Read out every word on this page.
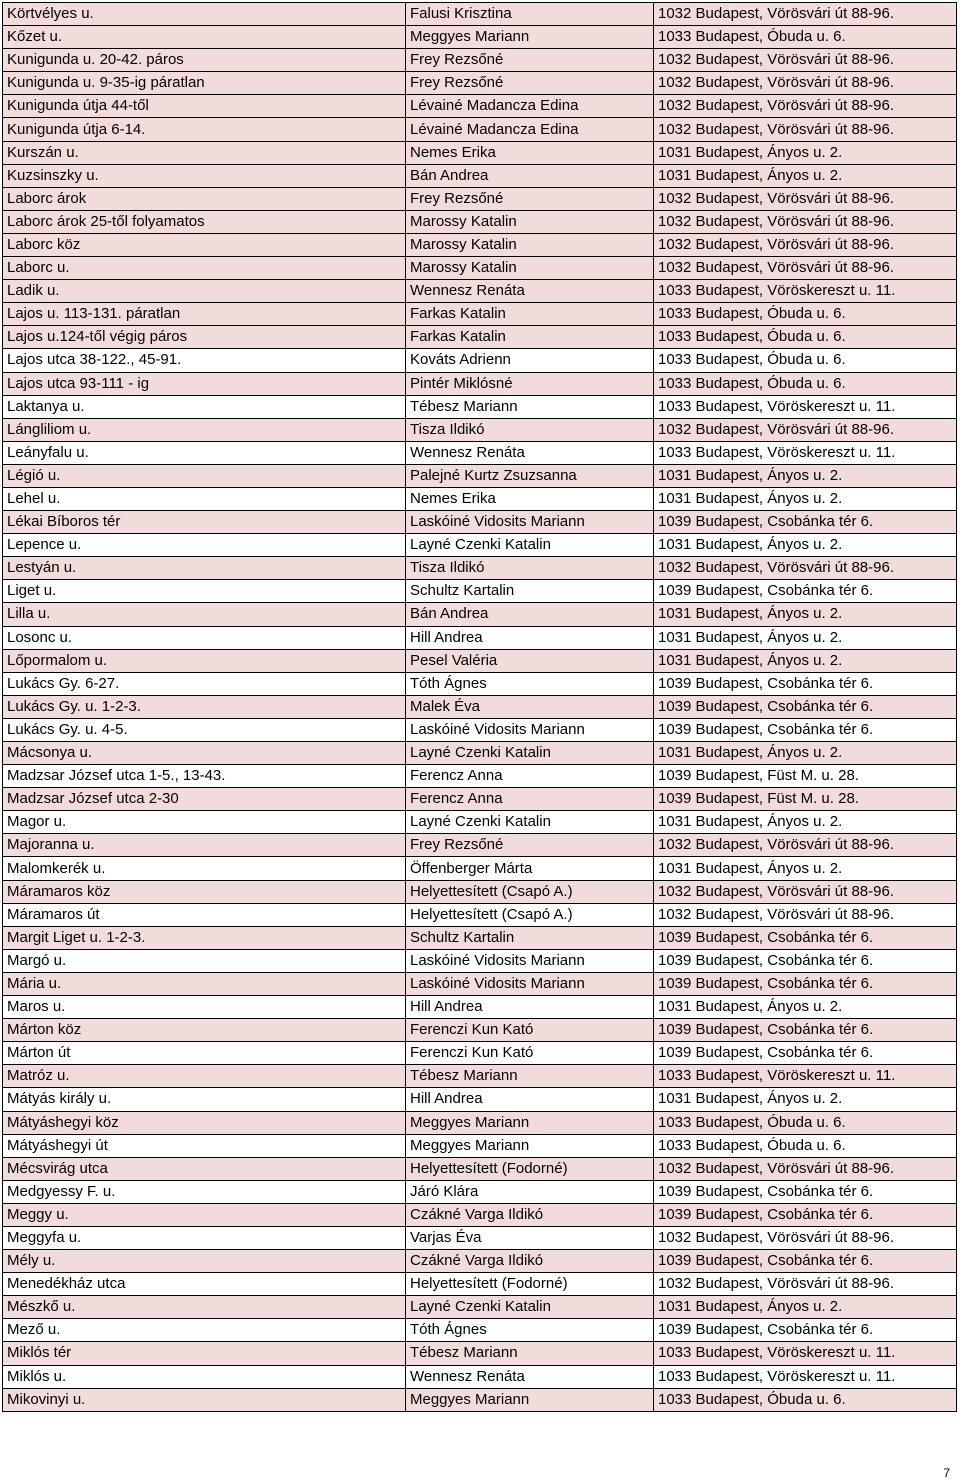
Körtvélyes u.	Falusi Krisztina	1032 Budapest, Vörösvári út 88-96.
Kőzet u.	Meggyes Mariann	1033 Budapest, Óbuda u. 6.
Kunigunda u. 20-42. páros	Frey Rezsőné	1032 Budapest, Vörösvári út 88-96.
Kunigunda u. 9-35-ig páratlan	Frey Rezsőné	1032 Budapest, Vörösvári út 88-96.
Kunigunda útja 44-től	Lévainé Madancza Edina	1032 Budapest, Vörösvári út 88-96.
Kunigunda útja 6-14.	Lévainé Madancza Edina	1032 Budapest, Vörösvári út 88-96.
Kurszán u.	Nemes Erika	1031 Budapest, Ányos u. 2.
Kuzsinszky u.	Bán Andrea	1031 Budapest, Ányos u. 2.
Laborc árok	Frey Rezsőné	1032 Budapest, Vörösvári út 88-96.
Laborc árok 25-től folyamatos	Marossy Katalin	1032 Budapest, Vörösvári út 88-96.
Laborc köz	Marossy Katalin	1032 Budapest, Vörösvári út 88-96.
Laborc u.	Marossy Katalin	1032 Budapest, Vörösvári út 88-96.
Ladik u.	Wennesz Renáta	1033 Budapest, Vöröskereszt u. 11.
Lajos u. 113-131. páratlan	Farkas Katalin	1033 Budapest, Óbuda u. 6.
Lajos u.124-től végig páros	Farkas Katalin	1033 Budapest, Óbuda u. 6.
Lajos utca 38-122., 45-91.	Kováts Adrienn	1033 Budapest, Óbuda u. 6.
Lajos utca 93-111 - ig	Pintér Miklósné	1033 Budapest, Óbuda u. 6.
Laktanya u.	Tébesz Mariann	1033 Budapest, Vöröskereszt u. 11.
Lángliliom u.	Tisza Ildikó	1032 Budapest, Vörösvári út 88-96.
Leányfalu u.	Wennesz Renáta	1033 Budapest, Vöröskereszt u. 11.
Légió u.	Palejné Kurtz Zsuzsanna	1031 Budapest, Ányos u. 2.
Lehel u.	Nemes Erika	1031 Budapest, Ányos u. 2.
Lékai Bíboros tér	Laskóiné Vidosits Mariann	1039 Budapest, Csobánka tér 6.
Lepence u.	Layné Czenki Katalin	1031 Budapest, Ányos u. 2.
Lestyán u.	Tisza Ildikó	1032 Budapest, Vörösvári út 88-96.
Liget u.	Schultz Kartalin	1039 Budapest, Csobánka tér 6.
Lilla u.	Bán Andrea	1031 Budapest, Ányos u. 2.
Losonc u.	Hill Andrea	1031 Budapest, Ányos u. 2.
Lőpormalom u.	Pesel Valéria	1031 Budapest, Ányos u. 2.
Lukács Gy. 6-27.	Tóth Ágnes	1039 Budapest, Csobánka tér 6.
Lukács Gy. u. 1-2-3.	Malek Éva	1039 Budapest, Csobánka tér 6.
Lukács Gy. u. 4-5.	Laskóiné Vidosits Mariann	1039 Budapest, Csobánka tér 6.
Mácsonya u.	Layné Czenki Katalin	1031 Budapest, Ányos u. 2.
Madzsar József utca 1-5., 13-43.	Ferencz Anna	1039 Budapest, Füst M. u. 28.
Madzsar József utca 2-30	Ferencz Anna	1039 Budapest, Füst M. u. 28.
Magor u.	Layné Czenki Katalin	1031 Budapest, Ányos u. 2.
Majoranna u.	Frey Rezsőné	1032 Budapest, Vörösvári út 88-96.
Malomkerék u.	Öffenberger Márta	1031 Budapest, Ányos u. 2.
Máramaros köz	Helyettesített (Csapó A.)	1032 Budapest, Vörösvári út 88-96.
Máramaros út	Helyettesített (Csapó A.)	1032 Budapest, Vörösvári út 88-96.
Margit Liget u. 1-2-3.	Schultz Kartalin	1039 Budapest, Csobánka tér 6.
Margó u.	Laskóiné Vidosits Mariann	1039 Budapest, Csobánka tér 6.
Mária u.	Laskóiné Vidosits Mariann	1039 Budapest, Csobánka tér 6.
Maros u.	Hill Andrea	1031 Budapest, Ányos u. 2.
Márton köz	Ferenczi Kun Kató	1039 Budapest, Csobánka tér 6.
Márton út	Ferenczi Kun Kató	1039 Budapest, Csobánka tér 6.
Matróz u.	Tébesz Mariann	1033 Budapest, Vöröskereszt u. 11.
Mátyás király u.	Hill Andrea	1031 Budapest, Ányos u. 2.
Mátyáshegyi köz	Meggyes Mariann	1033 Budapest, Óbuda u. 6.
Mátyáshegyi út	Meggyes Mariann	1033 Budapest, Óbuda u. 6.
Mécsvirág utca	Helyettesített (Fodorné)	1032 Budapest, Vörösvári út 88-96.
Medgyessy F. u.	Járó Klára	1039 Budapest, Csobánka tér 6.
Meggy u.	Czákné Varga Ildikó	1039 Budapest, Csobánka tér 6.
Meggyfa u.	Varjas Éva	1032 Budapest, Vörösvári út 88-96.
Mély u.	Czákné Varga Ildikó	1039 Budapest, Csobánka tér 6.
Menedékház utca	Helyettesített (Fodorné)	1032 Budapest, Vörösvári út 88-96.
Mészkő u.	Layné Czenki Katalin	1031 Budapest, Ányos u. 2.
Mező u.	Tóth Ágnes	1039 Budapest, Csobánka tér 6.
Miklós tér	Tébesz Mariann	1033 Budapest, Vöröskereszt u. 11.
Miklós u.	Wennesz Renáta	1033 Budapest, Vöröskereszt u. 11.
Mikovinyi u.	Meggyes Mariann	1033 Budapest, Óbuda u. 6.
7
